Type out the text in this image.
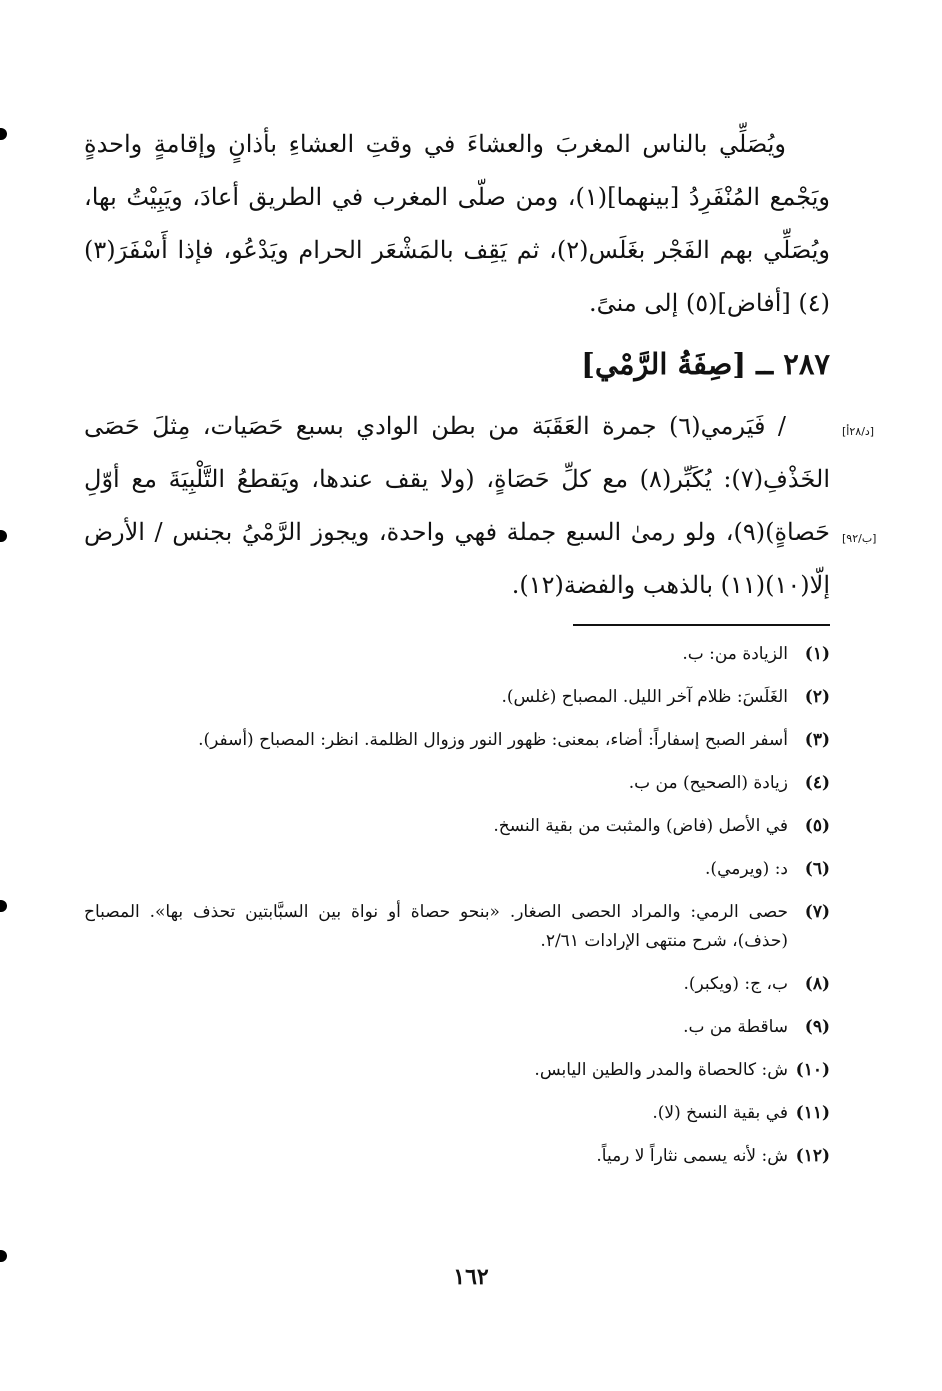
ويُصَلِّي بالناس المغربَ والعشاءَ في وقتِ العشاءِ بأذانٍ وإقامةٍ واحدةٍ ويَجْمع المُنْفَرِدُ [بينهما](١)، ومن صلّى المغرب في الطريق أعادَ، ويَبِيْتُ بها، ويُصَلِّي بهم الفَجْر بغَلَس(٢)، ثم يَقِف بالمَشْعَر الحرام ويَدْعُو، فإذا أَسْفَرَ(٣)(٤) [أفاض](٥) إلى منىً.

٢٨٧ ــ [صِفَةُ الرَّمْي]
[د/٢٨أ]
[ب/٩٢]

/ فَيَرمي(٦) جمرة العَقَبَة من بطن الوادي بسبع حَصَيات، مِثلَ حَصَى الخَذْفِ(٧): يُكَبِّر(٨) مع كلِّ حَصَاةٍ، (ولا يقف عندها، ويَقطعُ التَّلْبِيَةَ مع أوّلِ حَصاةٍ)(٩)، ولو رمىٰ السبع جملة فهي واحدة، ويجوز الرَّمْيُ بجنس / الأرض إلّا(١٠)(١١) بالذهب والفضة(١٢).

(١)
الزيادة من: ب.
(٢)
الغَلَسَ: ظلام آخر الليل. المصباح (غلس).
(٣)
أسفر الصبح إسفاراً: أضاء، بمعنى: ظهور النور وزوال الظلمة. انظر: المصباح (أسفر).
(٤)
زيادة (الصحيح) من ب.
(٥)
في الأصل (فاض) والمثبت من بقية النسخ.
(٦)
د: (ويرمي).
(٧)
حصى الرمي: والمراد الحصى الصغار. «بنحو حصاة أو نواة بين السبَّابتين تحذف بها». المصباح (حذف)، شرح منتهى الإرادات ٢/٦١.
(٨)
ب، ج: (ويكبر).
(٩)
ساقطة من ب.
(١٠)
ش: كالحصاة والمدر والطين اليابس.
(١١)
في بقية النسخ (لا).
(١٢)
ش: لأنه يسمى نثاراً لا رمياً.
١٦٢
